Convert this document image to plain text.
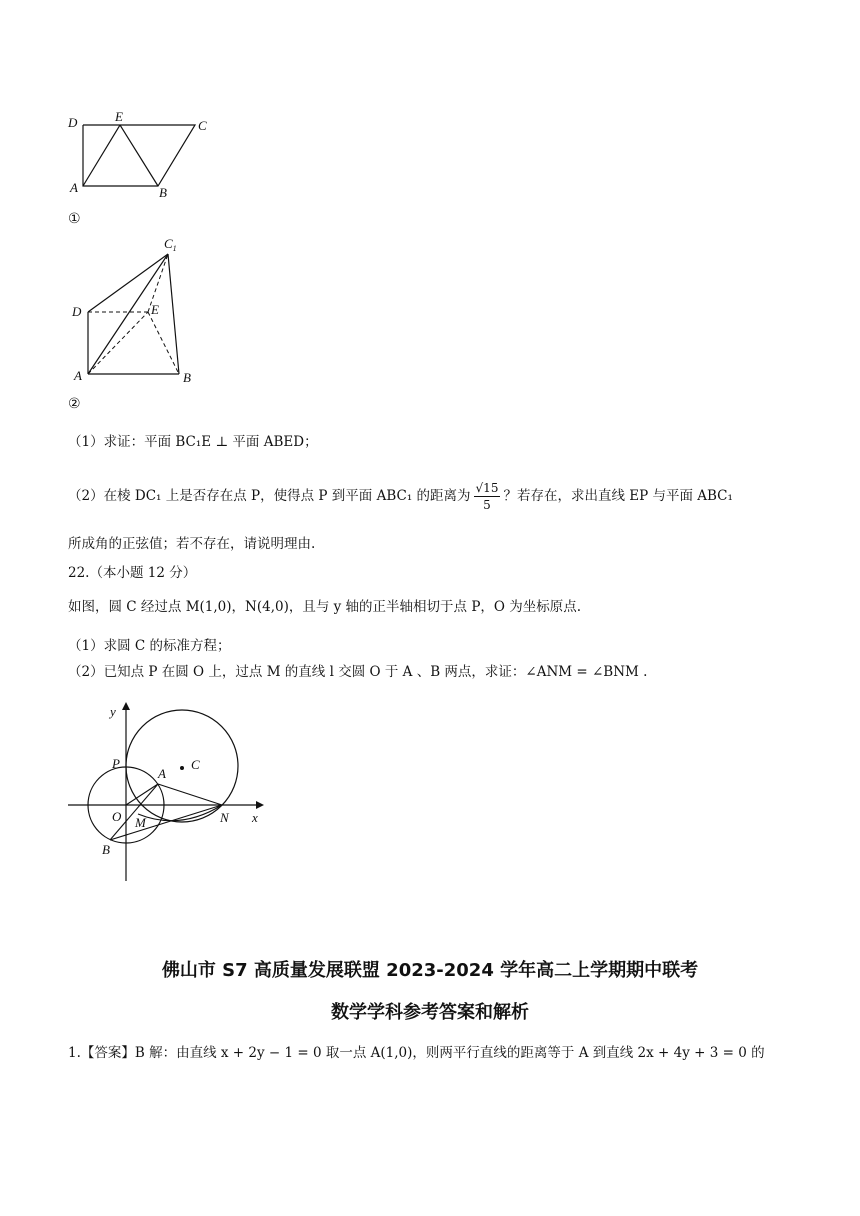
D	E
C
A	B
①
$C_1$
D	E
A	B
②
（1）求证：平面 BC₁E ⊥ 平面 ABED；
（2）在棱 DC₁ 上是否存在点 P，使得点 P 到平面 ABC₁ 的距离为 $\frac{√15}{5}$ ？若存在，求出直线 EP 与平面 ABC₁
所成角的正弦值；若不存在，请说明理由.
22.（本小题 12 分）
如图，圆 C 经过点 M(1,0)，N(4,0)，且与 y 轴的正半轴相切于点 P，O 为坐标原点.
（1）求圆 C 的标准方程；
（2）已知点 P 在圆 O 上，过点 M 的直线 l 交圆 O 于 A 、B 两点，求证：∠ANM = ∠BNM .
y
x
P
A
C
O M	N
B
佛山市 S7 高质量发展联盟 2023-2024 学年高二上学期期中联考
数学学科参考答案和解析
1.【答案】B 解：由直线 x + 2y − 1 = 0 取一点 A(1,0)，则两平行直线的距离等于 A 到直线 2x + 4y + 3 = 0 的
